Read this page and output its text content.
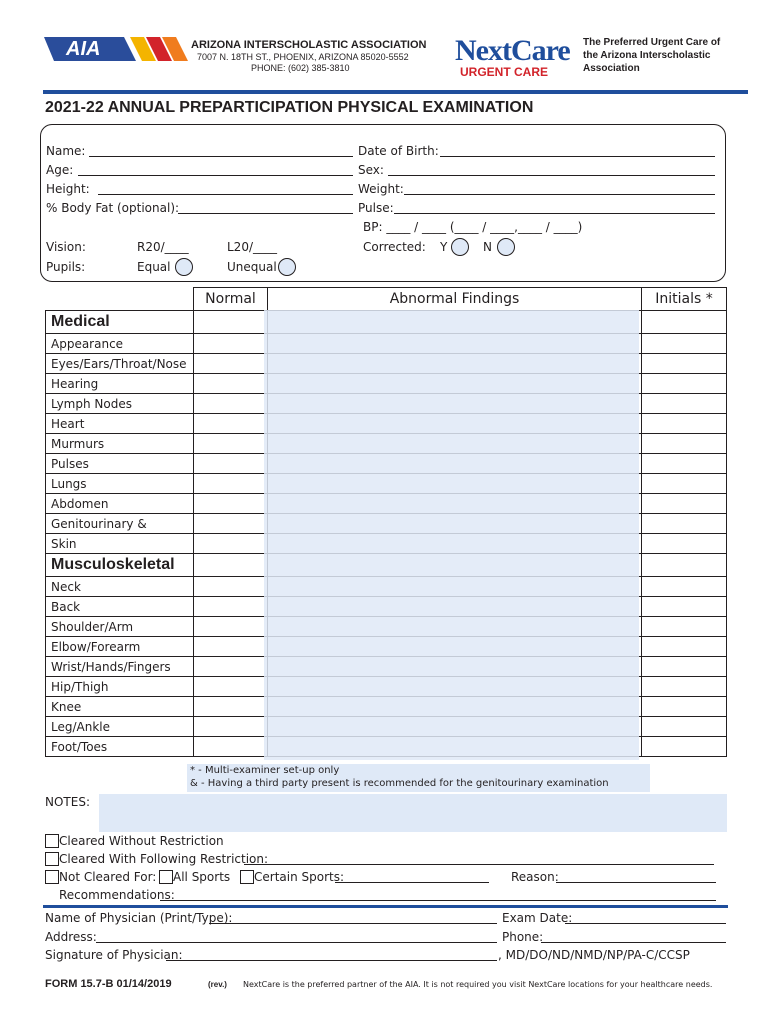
AIA	ARIZONA INTERSCHOLASTIC ASSOCIATION
7007 N. 18TH ST., PHOENIX, ARIZONA 85020-5552
PHONE: (602) 385-3810
NextCare
URGENT CARE
The Preferred Urgent Care of the Arizona Interscholastic Association
2021-22 ANNUAL PREPARTICIPATION PHYSICAL EXAMINATION
Name:	Date of Birth:
Age:	Sex:
Height:	Weight:
% Body Fat (optional):	Pulse:
BP: ____ / ____ (____ / ____,____ / ____)
Vision:	R20/____	L20/____	Corrected: Y	N
Pupils:	Equal	Unequal
	Normal	Abnormal Findings	Initials *
Medical			
Appearance			
Eyes/Ears/Throat/Nose			
Hearing			
Lymph Nodes			
Heart			
Murmurs			
Pulses			
Lungs			
Abdomen			
Genitourinary &			
Skin			
Musculoskeletal			
Neck			
Back			
Shoulder/Arm			
Elbow/Forearm			
Wrist/Hands/Fingers			
Hip/Thigh			
Knee			
Leg/Ankle			
Foot/Toes			
* - Multi-examiner set-up only
& - Having a third party present is recommended for the genitourinary examination
NOTES:
Cleared Without Restriction
Cleared With Following Restriction:
Not Cleared For: All Sports Certain Sports:	Reason:
Recommendations:
Name of Physician (Print/Type):	Exam Date:
Address:	Phone:
Signature of Physician:	, MD/DO/ND/NMD/NP/PA-C/CCSP
FORM 15.7-B 01/14/2019	(rev.) NextCare is the preferred partner of the AIA. It is not required you visit NextCare locations for your healthcare needs.
